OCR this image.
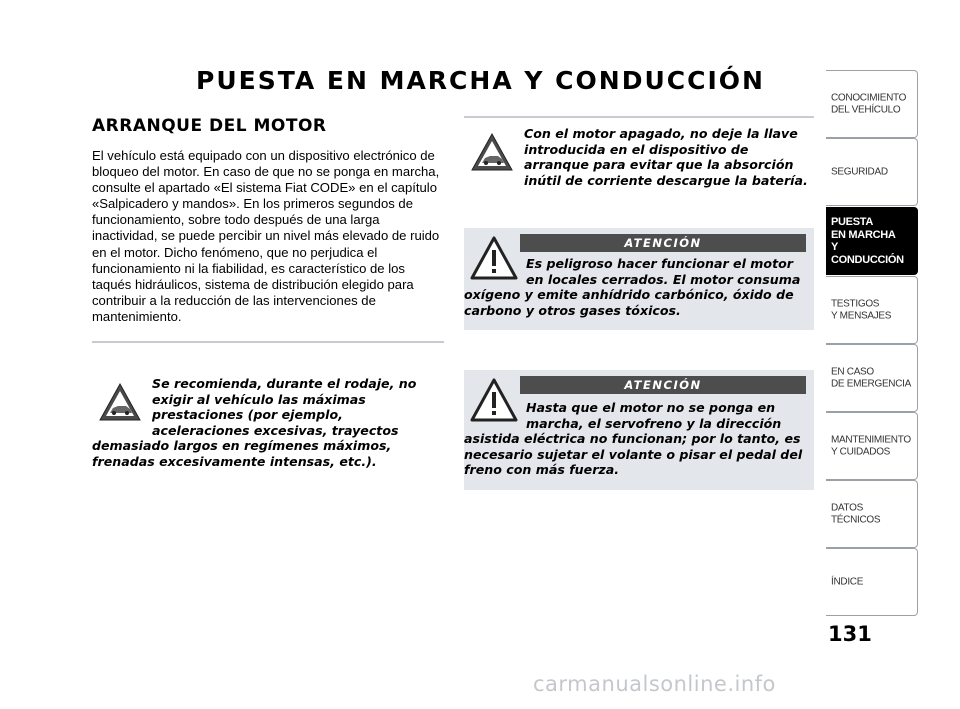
PUESTA EN MARCHA Y CONDUCCIÓN
ARRANQUE DEL MOTOR
El vehículo está equipado con un dispositivo electrónico de bloqueo del motor. En caso de que no se ponga en marcha, consulte el apartado «El sistema Fiat CODE» en el capítulo «Salpicadero y mandos». En los primeros segundos de funcionamiento, sobre todo después de una larga inactividad, se puede percibir un nivel más elevado de ruido en el motor. Dicho fenómeno, que no perjudica el funcionamiento ni la fiabilidad, es característico de los taqués hidráulicos, sistema de distribución elegido para contribuir a la reducción de las intervenciones de mantenimiento.
Se recomienda, durante el rodaje, no exigir al vehículo las máximas prestaciones (por ejemplo, aceleraciones excesivas, trayectos demasiado largos en regímenes máximos, frenadas excesivamente intensas, etc.).
Con el motor apagado, no deje la llave introducida en el dispositivo de arranque para evitar que la absorción inútil de corriente descargue la batería.
ATENCIÓN
Es peligroso hacer funcionar el motor en locales cerrados. El motor consuma oxígeno y emite anhídrido carbónico, óxido de carbono y otros gases tóxicos.
ATENCIÓN
Hasta que el motor no se ponga en marcha, el servofreno y la dirección asistida eléctrica no funcionan; por lo tanto, es necesario sujetar el volante o pisar el pedal del freno con más fuerza.
CONOCIMIENTO
DEL VEHÍCULO
SEGURIDAD
PUESTA
EN MARCHA
Y CONDUCCIÓN
TESTIGOS
Y MENSAJES
EN CASO
DE EMERGENCIA
MANTENIMIENTO
Y CUIDADOS
DATOS TÉCNICOS
ÍNDICE
131
carmanualsonline.info
